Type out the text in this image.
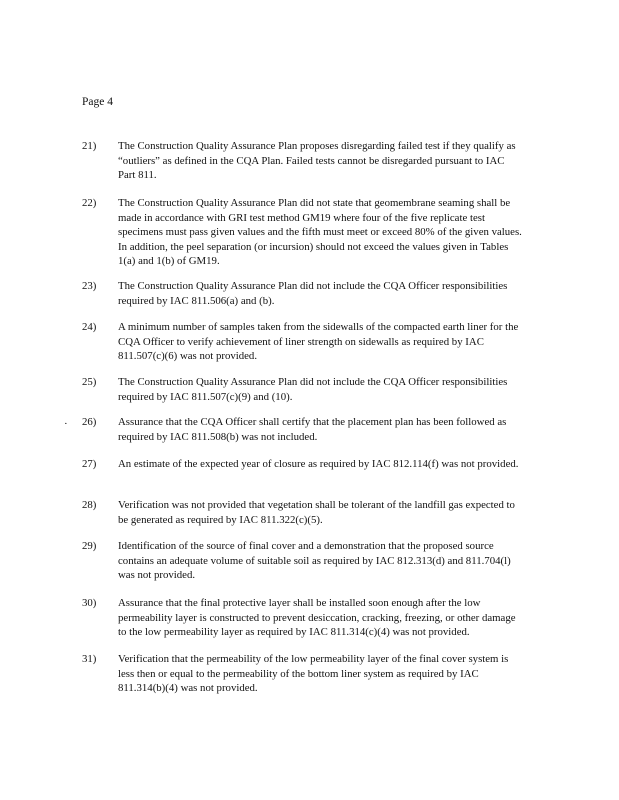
Page 4
·
21)	The Construction Quality Assurance Plan proposes disregarding failed test if they qualify as “outliers” as defined in the CQA Plan. Failed tests cannot be disregarded pursuant to IAC Part 811.
22)	The Construction Quality Assurance Plan did not state that geomembrane seaming shall be made in accordance with GRI test method GM19 where four of the five replicate test specimens must pass given values and the fifth must meet or exceed 80% of the given values. In addition, the peel separation (or incursion) should not exceed the values given in Tables 1(a) and 1(b) of GM19.
23)	The Construction Quality Assurance Plan did not include the CQA Officer responsibilities required by IAC 811.506(a) and (b).
24)	A minimum number of samples taken from the sidewalls of the compacted earth liner for the CQA Officer to verify achievement of liner strength on sidewalls as required by IAC 811.507(c)(6) was not provided.
25)	The Construction Quality Assurance Plan did not include the CQA Officer responsibilities required by IAC 811.507(c)(9) and (10).
26)	Assurance that the CQA Officer shall certify that the placement plan has been followed as required by IAC 811.508(b) was not included.
27)	An estimate of the expected year of closure as required by IAC 812.114(f) was not provided.
28)	Verification was not provided that vegetation shall be tolerant of the landfill gas expected to be generated as required by IAC 811.322(c)(5).
29)	Identification of the source of final cover and a demonstration that the proposed source contains an adequate volume of suitable soil as required by IAC 812.313(d) and 811.704(l) was not provided.
30)	Assurance that the final protective layer shall be installed soon enough after the low permeability layer is constructed to prevent desiccation, cracking, freezing, or other damage to the low permeability layer as required by IAC 811.314(c)(4) was not provided.
31)	Verification that the permeability of the low permeability layer of the final cover system is less then or equal to the permeability of the bottom liner system as required by IAC 811.314(b)(4) was not provided.
